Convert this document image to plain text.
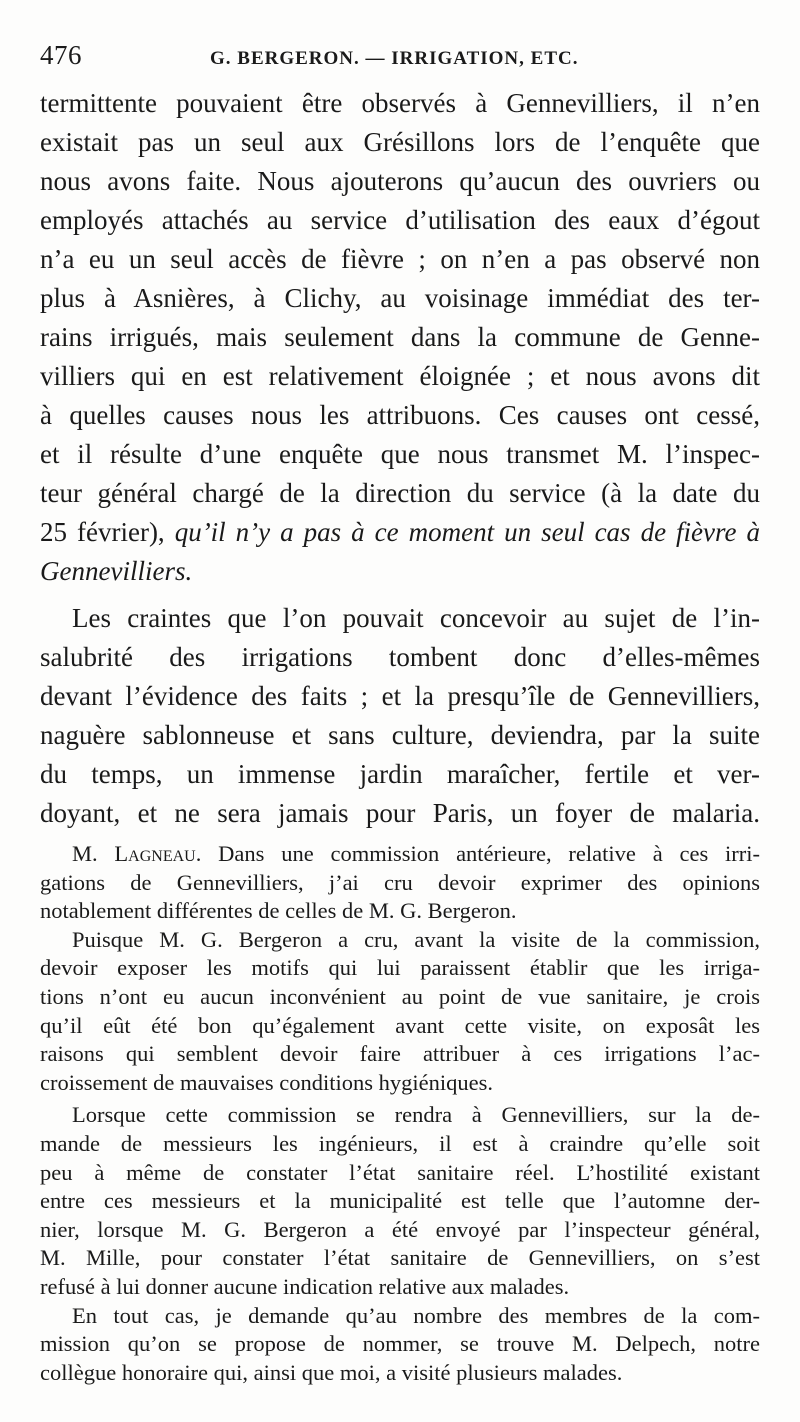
476	G. BERGERON. — IRRIGATION, ETC.
termittente pouvaient être observés à Gennevilliers, il n’en
existait pas un seul aux Grésillons lors de l’enquête que
nous avons faite. Nous ajouterons qu’aucun des ouvriers ou
employés attachés au service d’utilisation des eaux d’égout
n’a eu un seul accès de fièvre ; on n’en a pas observé non
plus à Asnières, à Clichy, au voisinage immédiat des ter-
rains irrigués, mais seulement dans la commune de Genne-
villiers qui en est relativement éloignée ; et nous avons dit
à quelles causes nous les attribuons. Ces causes ont cessé,
et il résulte d’une enquête que nous transmet M. l’inspec-
teur général chargé de la direction du service (à la date du
25 février), qu’il n’y a pas à ce moment un seul cas de fièvre à
Gennevilliers.
Les craintes que l’on pouvait concevoir au sujet de l’in-
salubrité des irrigations tombent donc d’elles-mêmes
devant l’évidence des faits ; et la presqu’île de Gennevilliers,
naguère sablonneuse et sans culture, deviendra, par la suite
du temps, un immense jardin maraîcher, fertile et ver-
doyant, et ne sera jamais pour Paris, un foyer de malaria.
M. Lagneau. Dans une commission antérieure, relative à ces irri-
gations de Gennevilliers, j’ai cru devoir exprimer des opinions
notablement différentes de celles de M. G. Bergeron.
Puisque M. G. Bergeron a cru, avant la visite de la commission,
devoir exposer les motifs qui lui paraissent établir que les irriga-
tions n’ont eu aucun inconvénient au point de vue sanitaire, je crois
qu’il eût été bon qu’également avant cette visite, on exposât les
raisons qui semblent devoir faire attribuer à ces irrigations l’ac-
croissement de mauvaises conditions hygiéniques.
Lorsque cette commission se rendra à Gennevilliers, sur la de-
mande de messieurs les ingénieurs, il est à craindre qu’elle soit
peu à même de constater l’état sanitaire réel. L’hostilité existant
entre ces messieurs et la municipalité est telle que l’automne der-
nier, lorsque M. G. Bergeron a été envoyé par l’inspecteur général,
M. Mille, pour constater l’état sanitaire de Gennevilliers, on s’est
refusé à lui donner aucune indication relative aux malades.
En tout cas, je demande qu’au nombre des membres de la com-
mission qu’on se propose de nommer, se trouve M. Delpech, notre
collègue honoraire qui, ainsi que moi, a visité plusieurs malades.
